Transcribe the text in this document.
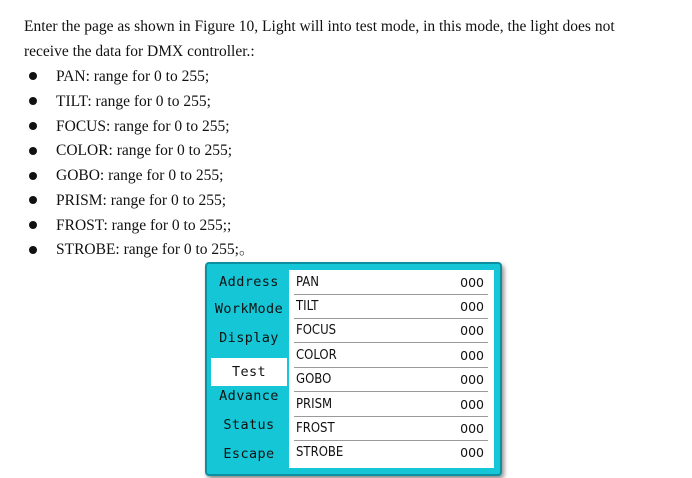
Enter the page as shown in Figure 10, Light will into test mode, in this mode, the light does not
receive the data for DMX controller.:
PAN: range for 0 to 255;
TILT: range for 0 to 255;
FOCUS: range for 0 to 255;
COLOR: range for 0 to 255;
GOBO: range for 0 to 255;
PRISM: range for 0 to 255;
FROST: range for 0 to 255;;
STROBE: range for 0 to 255;。
Address
WorkMode
Display
Test
Advance
Status
Escape
PAN	000
TILT	000
FOCUS	000
COLOR	000
GOBO	000
PRISM	000
FROST	000
STROBE	000
